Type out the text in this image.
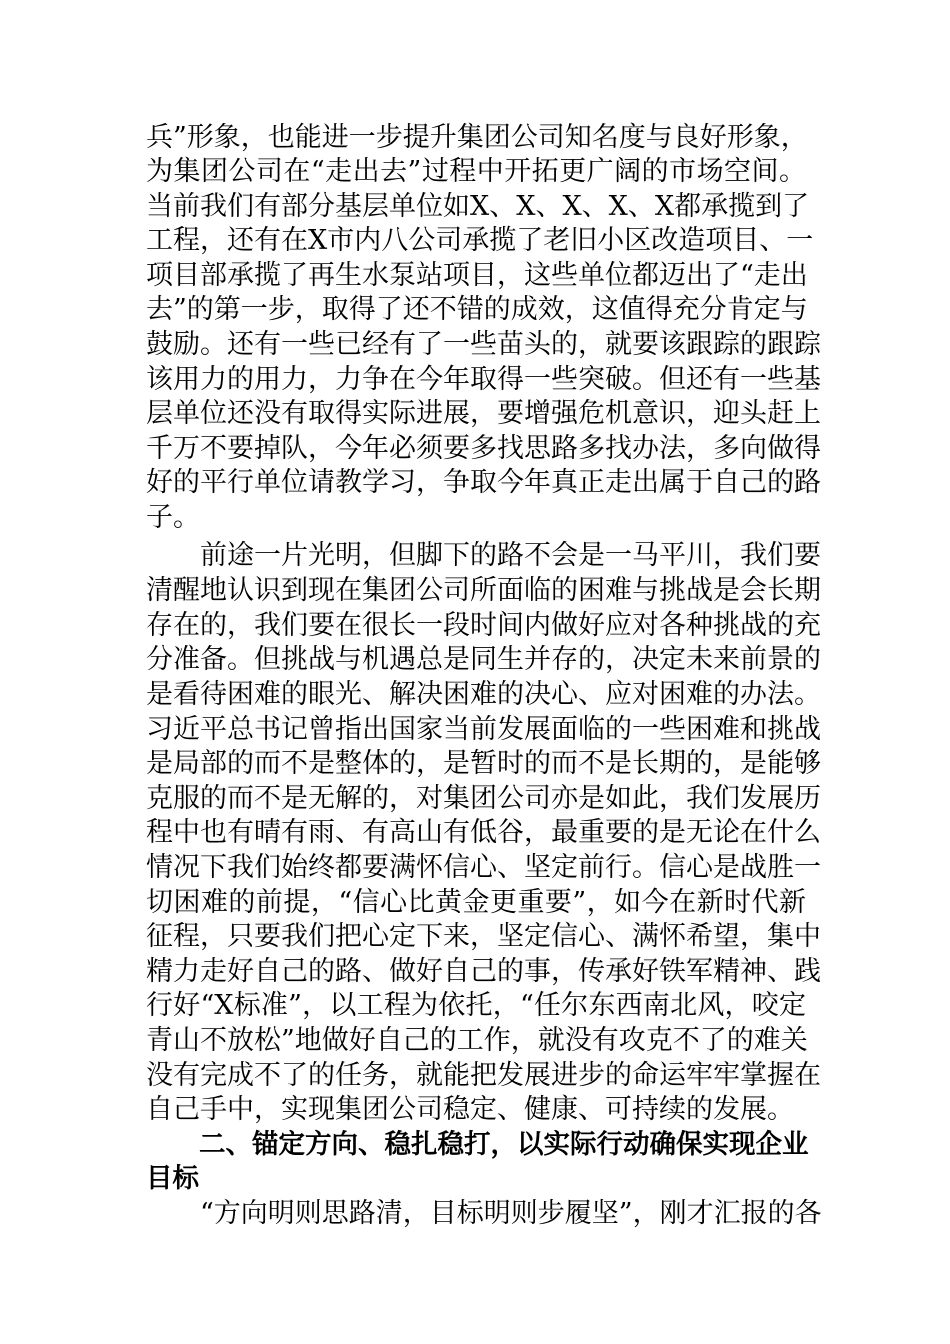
兵”形象，也能进一步提升集团公司知名度与良好形象，
为集团公司在“走出去”过程中开拓更广阔的市场空间。
当前我们有部分基层单位如X、X、X、X、X都承揽到了
工程，还有在X市内八公司承揽了老旧小区改造项目、一
项目部承揽了再生水泵站项目，这些单位都迈出了“走出
去”的第一步，取得了还不错的成效，这值得充分肯定与
鼓励。还有一些已经有了一些苗头的，就要该跟踪的跟踪
该用力的用力，力争在今年取得一些突破。但还有一些基
层单位还没有取得实际进展，要增强危机意识，迎头赶上
千万不要掉队，今年必须要多找思路多找办法，多向做得
好的平行单位请教学习，争取今年真正走出属于自己的路
子。
　　前途一片光明，但脚下的路不会是一马平川，我们要
清醒地认识到现在集团公司所面临的困难与挑战是会长期
存在的，我们要在很长一段时间内做好应对各种挑战的充
分准备。但挑战与机遇总是同生并存的，决定未来前景的
是看待困难的眼光、解决困难的决心、应对困难的办法。
习近平总书记曾指出国家当前发展面临的一些困难和挑战
是局部的而不是整体的，是暂时的而不是长期的，是能够
克服的而不是无解的，对集团公司亦是如此，我们发展历
程中也有晴有雨、有高山有低谷，最重要的是无论在什么
情况下我们始终都要满怀信心、坚定前行。信心是战胜一
切困难的前提，“信心比黄金更重要”，如今在新时代新
征程，只要我们把心定下来，坚定信心、满怀希望，集中
精力走好自己的路、做好自己的事，传承好铁军精神、践
行好“X标准”，以工程为依托，“任尔东西南北风，咬定
青山不放松”地做好自己的工作，就没有攻克不了的难关
没有完成不了的任务，就能把发展进步的命运牢牢掌握在
自己手中，实现集团公司稳定、健康、可持续的发展。
　　二、锚定方向、稳扎稳打，以实际行动确保实现企业
目标
　　“方向明则思路清，目标明则步履坚”，刚才汇报的各
